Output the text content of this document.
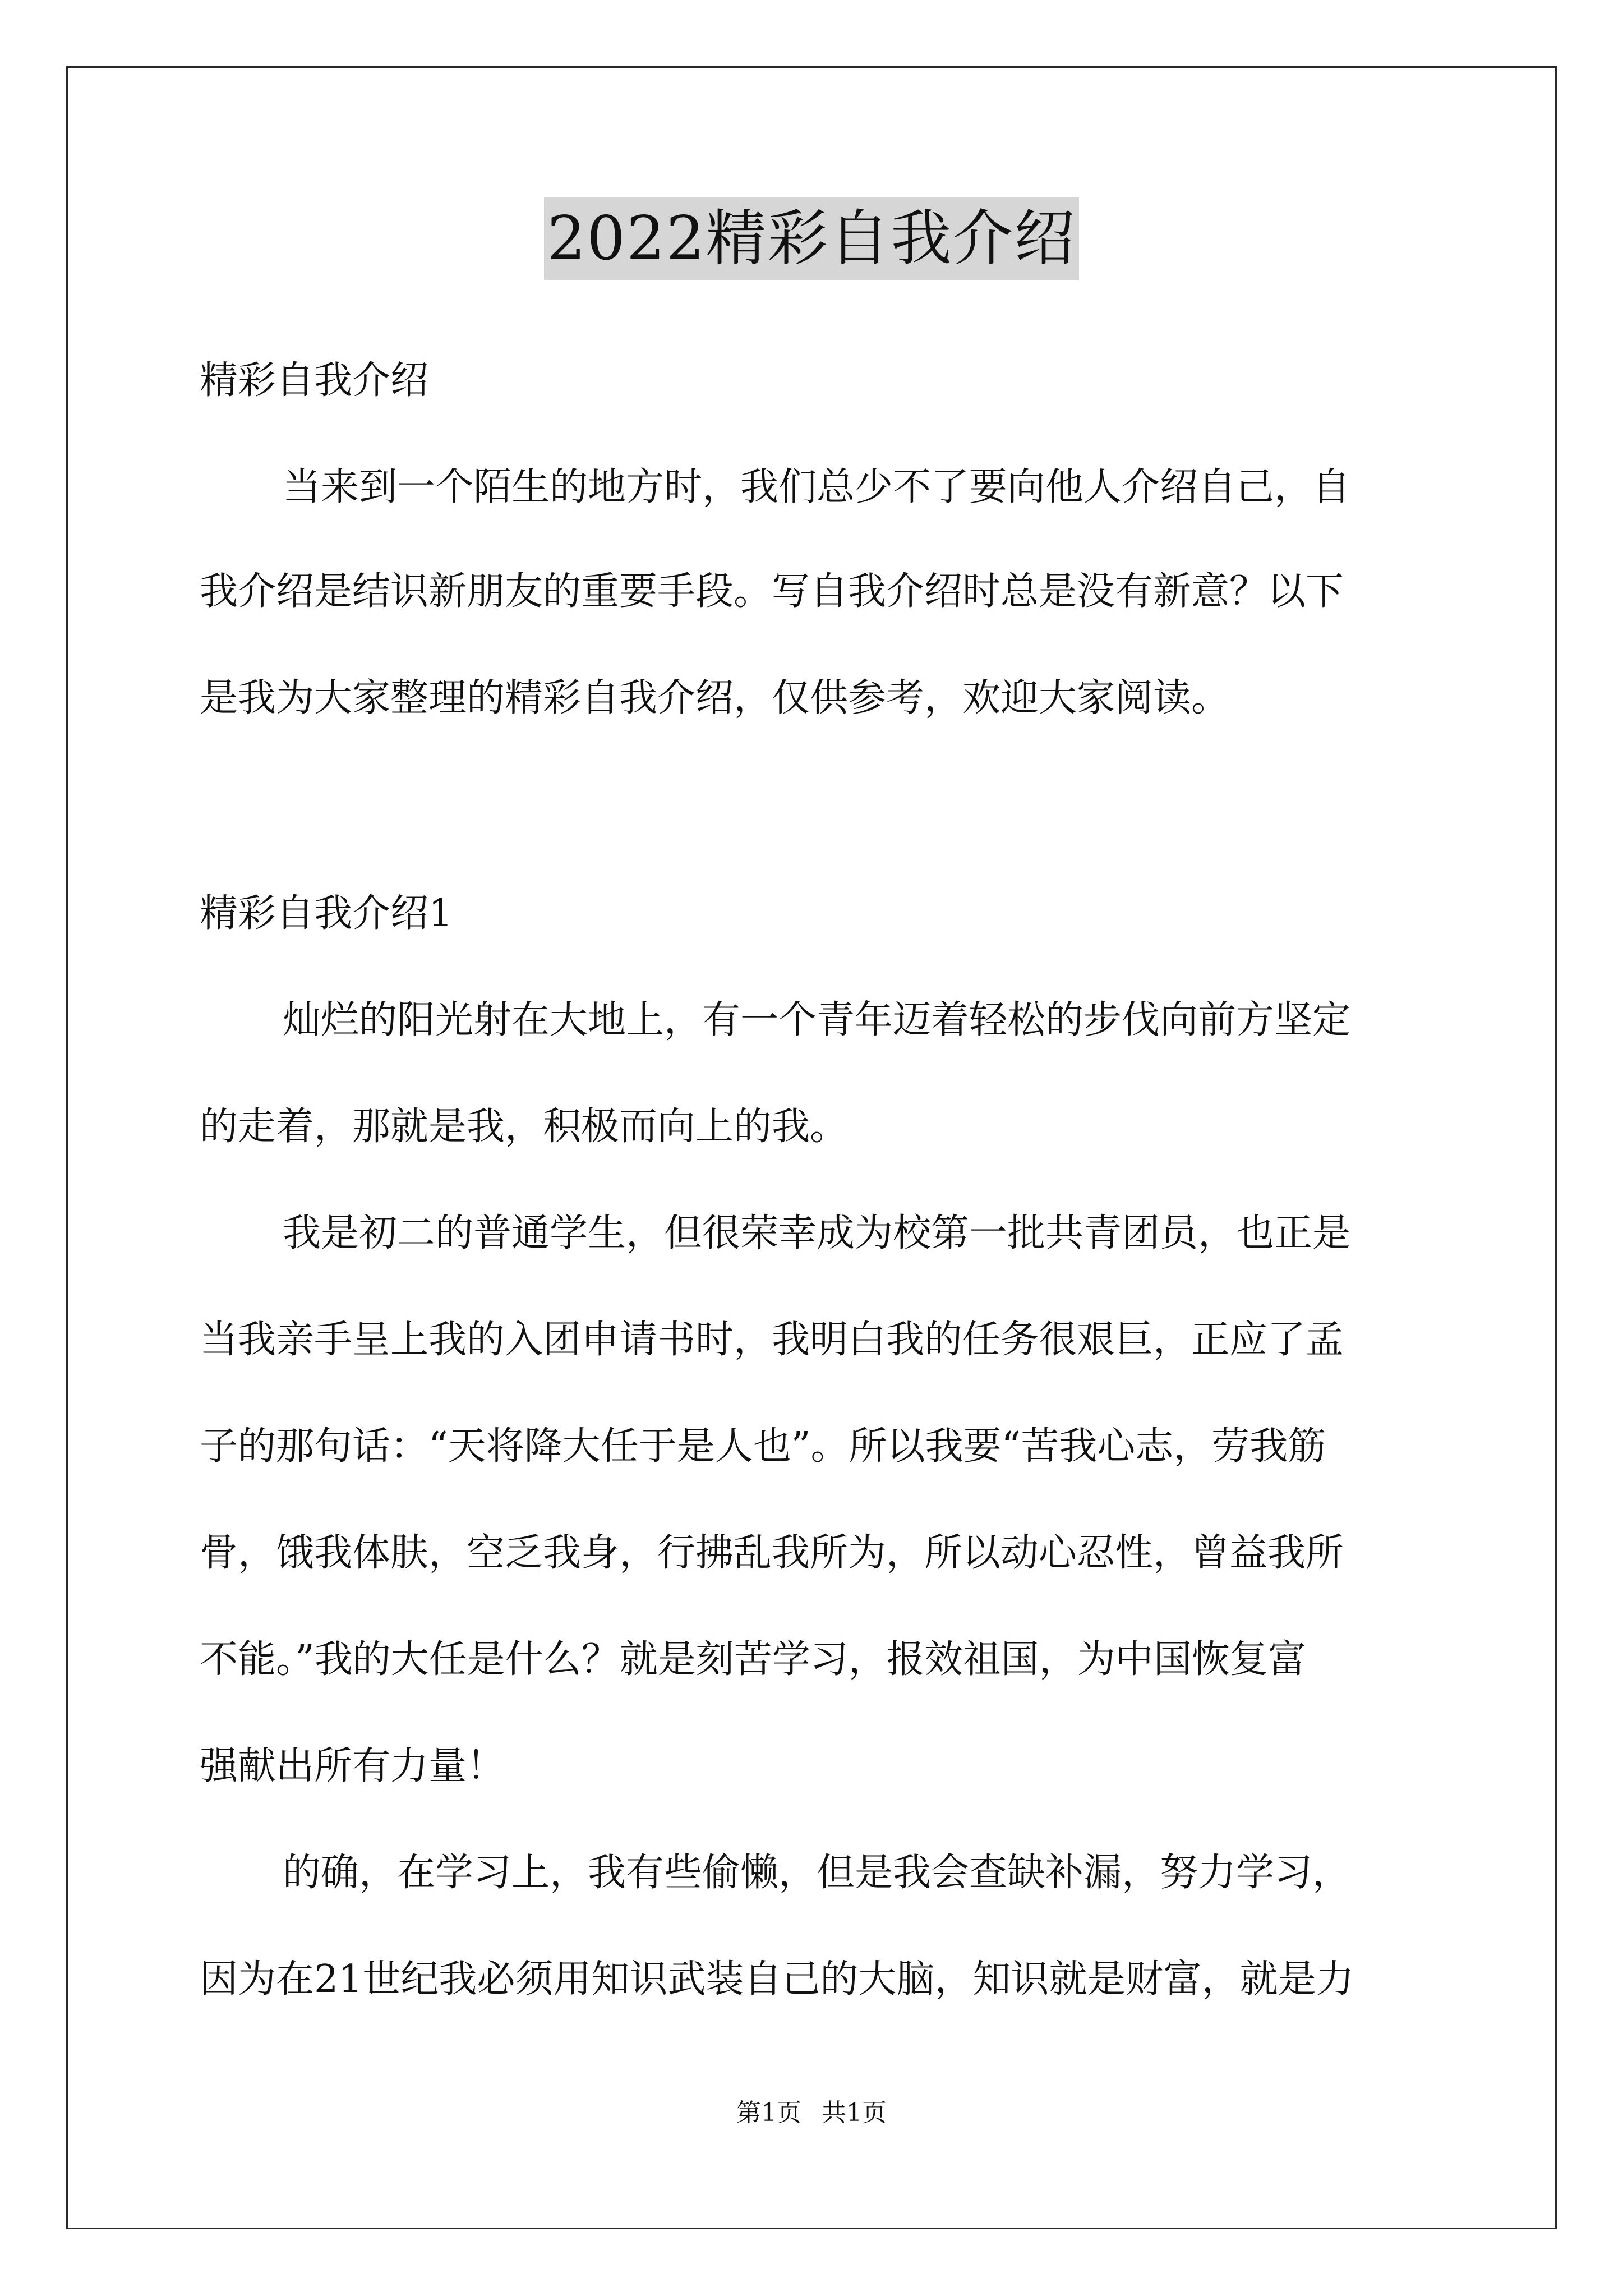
2022精彩自我介绍
精彩自我介绍
当来到一个陌生的地方时，我们总少不了要向他人介绍自己，自
我介绍是结识新朋友的重要手段。写自我介绍时总是没有新意？以下
是我为大家整理的精彩自我介绍，仅供参考，欢迎大家阅读。
精彩自我介绍1
灿烂的阳光射在大地上，有一个青年迈着轻松的步伐向前方坚定
的走着，那就是我，积极而向上的我。
我是初二的普通学生，但很荣幸成为校第一批共青团员，也正是
当我亲手呈上我的入团申请书时，我明白我的任务很艰巨，正应了孟
子的那句话：“天将降大任于是人也”。所以我要“苦我心志，劳我筋
骨，饿我体肤，空乏我身，行拂乱我所为，所以动心忍性，曾益我所
不能。”我的大任是什么？就是刻苦学习，报效祖国，为中国恢复富
强献出所有力量！
的确，在学习上，我有些偷懒，但是我会查缺补漏，努力学习，
因为在21世纪我必须用知识武装自己的大脑，知识就是财富，就是力
第1页 共1页
